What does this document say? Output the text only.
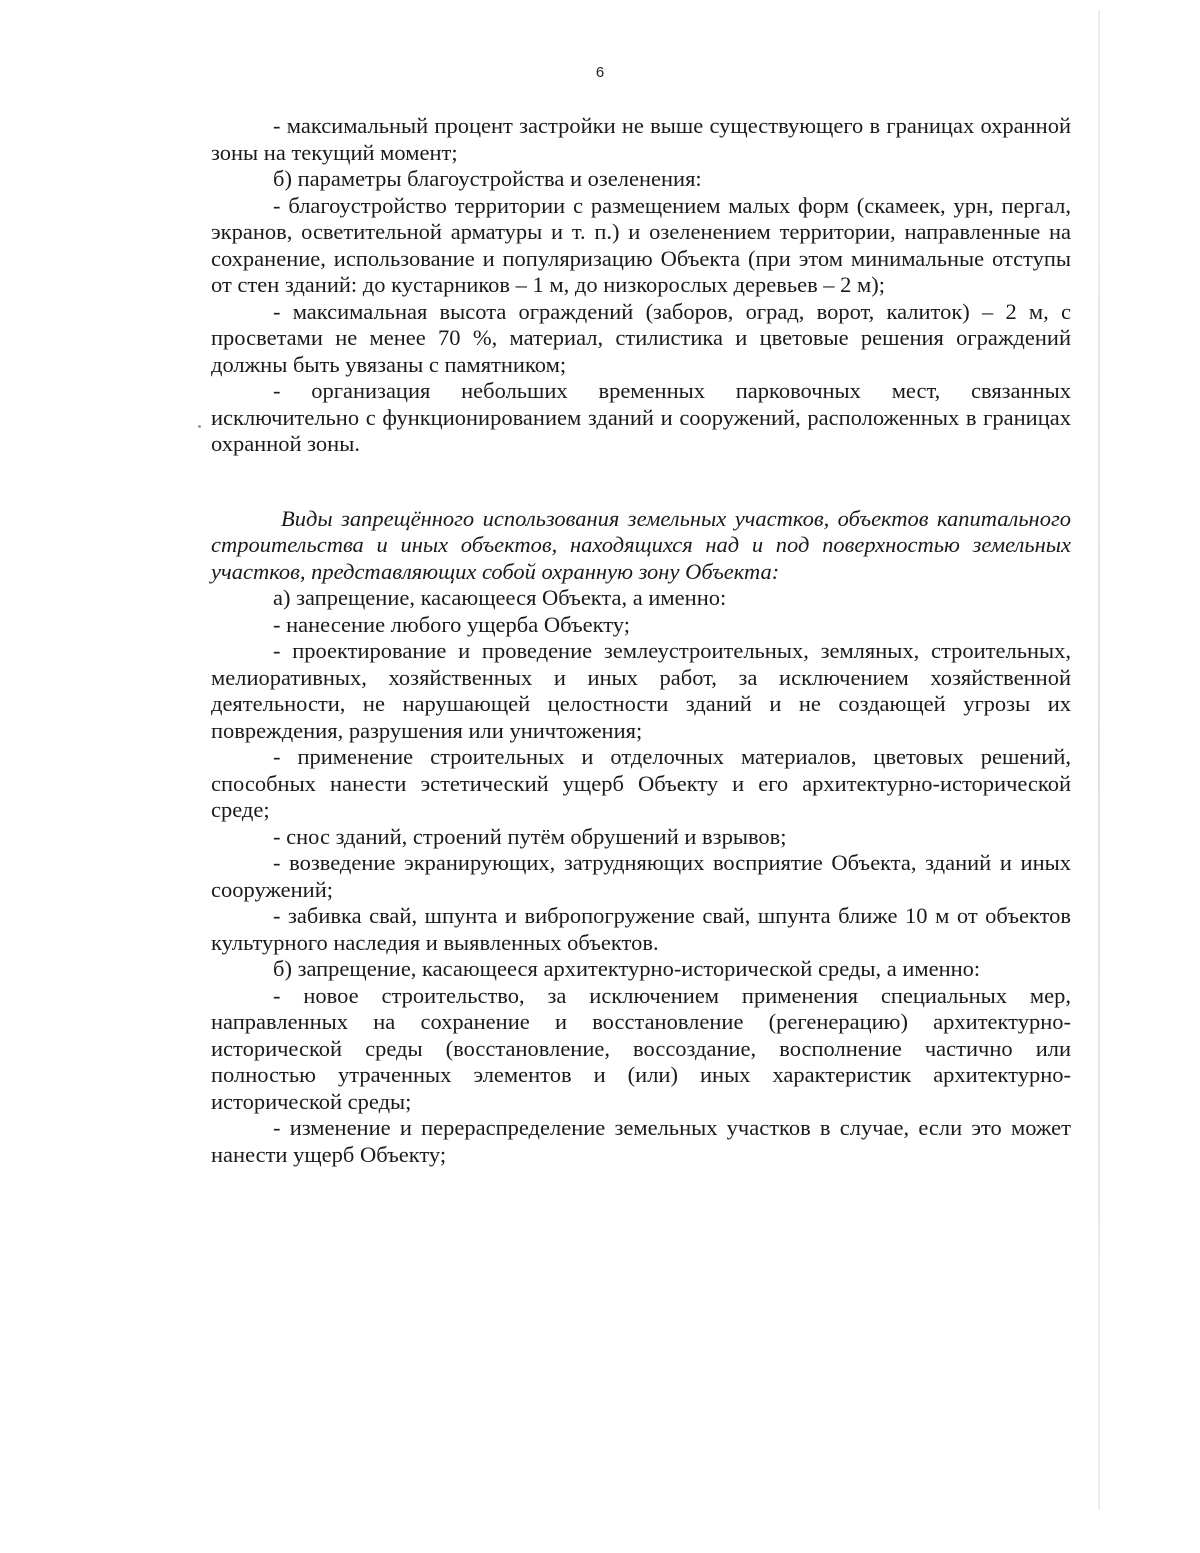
6

- максимальный процент застройки не выше существующего в границах охранной зоны на текущий момент;

б) параметры благоустройства и озеленения:

- благоустройство территории с размещением малых форм (скамеек, урн, пергал, экранов, осветительной арматуры и т. п.) и озеленением территории, направленные на сохранение, использование и популяризацию Объекта (при этом минимальные отступы от стен зданий: до кустарников – 1 м, до низкорослых деревьев – 2 м);

- максимальная высота ограждений (заборов, оград, ворот, калиток) – 2 м, с просветами не менее 70 %, материал, стилистика и цветовые решения ограждений должны быть увязаны с памятником;

- организация небольших временных парковочных мест, связанных исключительно с функционированием зданий и сооружений, расположенных в границах охранной зоны.

Виды запрещённого использования земельных участков, объектов капитального строительства и иных объектов, находящихся над и под поверхностью земельных участков, представляющих собой охранную зону Объекта:

а) запрещение, касающееся Объекта, а именно:

- нанесение любого ущерба Объекту;

- проектирование и проведение землеустроительных, земляных, строительных, мелиоративных, хозяйственных и иных работ, за исключением хозяйственной деятельности, не нарушающей целостности зданий и не создающей угрозы их повреждения, разрушения или уничтожения;

- применение строительных и отделочных материалов, цветовых решений, способных нанести эстетический ущерб Объекту и его архитектурно-исторической среде;

- снос зданий, строений путём обрушений и взрывов;

- возведение экранирующих, затрудняющих восприятие Объекта, зданий и иных сооружений;

- забивка свай, шпунта и вибропогружение свай, шпунта ближе 10 м от объектов культурного наследия и выявленных объектов.

б) запрещение, касающееся архитектурно-исторической среды, а именно:

- новое строительство, за исключением применения специальных мер, направленных на сохранение и восстановление (регенерацию) архитектурно-исторической среды (восстановление, воссоздание, восполнение частично или полностью утраченных элементов и (или) иных характеристик архитектурно-исторической среды;

- изменение и перераспределение земельных участков в случае, если это может нанести ущерб Объекту;
